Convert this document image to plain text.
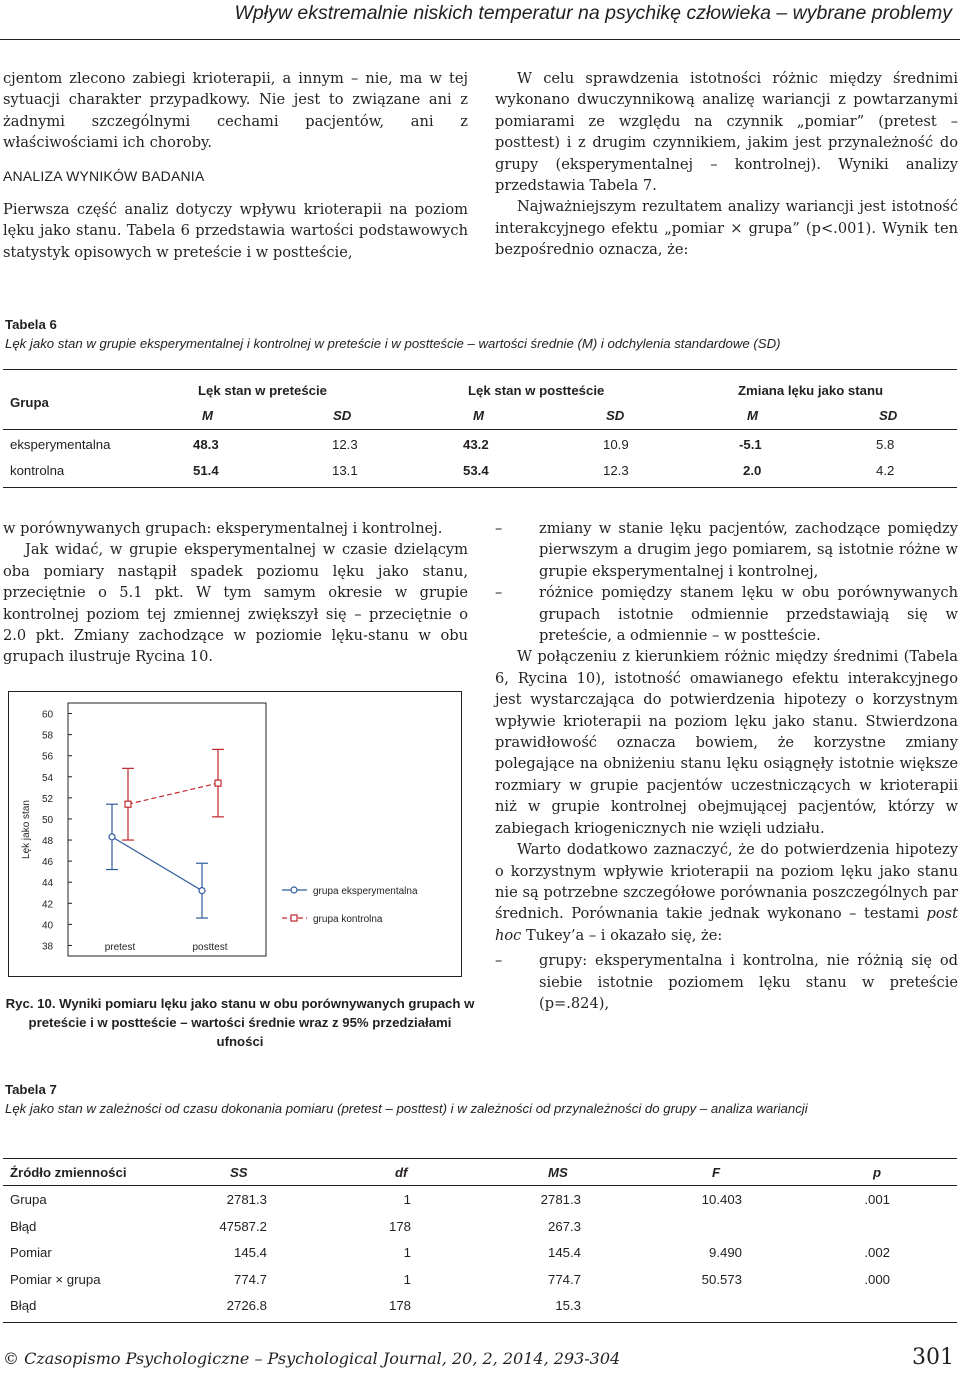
Wpływ ekstremalnie niskich temperatur na psychikę człowieka – wybrane problemy

cjentom zlecono zabiegi krioterapii, a innym – nie, ma w tej sytuacji charakter przypadkowy. Nie jest to związane ani z żadnymi szczególnymi cechami pacjentów, ani z właściwościami ich choroby.

ANALIZA WYNIKÓW BADANIA

Pierwsza część analiz dotyczy wpływu krioterapii na poziom lęku jako stanu. Tabela 6 przedstawia wartości podstawowych statystyk opisowych w preteście i w postteście,

W celu sprawdzenia istotności różnic między średnimi wykonano dwuczynnikową analizę wariancji z powtarzanymi pomiarami ze względu na czynnik „pomiar” (pretest – posttest) i z drugim czynnikiem, jakim jest przynależność do grupy (eksperymentalnej – kontrolnej). Wyniki analizy przedstawia Tabela 7.

Najważniejszym rezultatem analizy wariancji jest istotność interakcyjnego efektu „pomiar × grupa” (p<.001). Wynik ten bezpośrednio oznacza, że:

Tabela 6
Lęk jako stan w grupie eksperymentalnej i kontrolnej w preteście i w postteście – wartości średnie (M) i odchylenia standardowe (SD)
Grupa
Lęk stan w preteście	Lęk stan w postteście	Zmiana lęku jako stanu
M	SD	M	SD	M	SD
eksperymentalna	48.3	12.3	43.2	10.9	-5.1	5.8
kontrolna	51.4	13.1	53.4	12.3	2.0	4.2

w porównywanych grupach: eksperymentalnej i kontrolnej.

Jak widać, w grupie eksperymentalnej w czasie dzielącym oba pomiary nastąpił spadek poziomu lęku jako stanu, przeciętnie o 5.1 pkt. W tym samym okresie w grupie kontrolnej poziom tej zmiennej zwiększył się – przeciętnie o 2.0 pkt. Zmiany zachodzące w poziomie lęku-stanu w obu grupach ilustruje Rycina 10.

38
40
42
44
46
48
50
52
54
56
58
60
Lęk jako stan
pretest	posttest
grupa eksperymentalna
grupa kontrolna
Ryc. 10. Wyniki pomiaru lęku jako stanu w obu porównywanych grupach w preteście i w postteście – wartości średnie wraz z 95% przedziałami ufności
– zmiany w stanie lęku pacjentów, zachodzące pomiędzy pierwszym a drugim jego pomiarem, są istotnie różne w grupie eksperymentalnej i kontrolnej,
– różnice pomiędzy stanem lęku w obu porównywanych grupach istotnie odmiennie przedstawiają się w preteście, a odmiennie – w postteście.

W połączeniu z kierunkiem różnic między średnimi (Tabela 6, Rycina 10), istotność omawianego efektu interakcyjnego jest wystarczająca do potwierdzenia hipotezy o korzystnym wpływie krioterapii na poziom lęku jako stanu. Stwierdzona prawidłowość oznacza bowiem, że korzystne zmiany polegające na obniżeniu stanu lęku osiągnęły istotnie większe rozmiary w grupie pacjentów uczestniczących w krioterapii niż w grupie kontrolnej obejmującej pacjentów, którzy w zabiegach kriogenicznych nie wzięli udziału.

Warto dodatkowo zaznaczyć, że do potwierdzenia hipotezy o korzystnym wpływie krioterapii na poziom lęku jako stanu nie są potrzebne szczegółowe porównania poszczególnych par średnich. Porównania takie jednak wykonano – testami post hoc Tukey’a – i okazało się, że:

– grupy: eksperymentalna i kontrolna, nie różnią się od siebie istotnie poziomem lęku stanu w preteście (p=.824),
Tabela 7
Lęk jako stan w zależności od czasu dokonania pomiaru (pretest – posttest) i w zależności od przynależności do grupy – analiza wariancji
Źródło zmienności	SS	df	MS	F	p
Grupa	2781.3	1	2781.3	10.403	.001
Błąd	47587.2	178	267.3
Pomiar	145.4	1	145.4	9.490	.002
Pomiar × grupa	774.7	1	774.7	50.573	.000
Błąd	2726.8	178	15.3
© Czasopismo Psychologiczne – Psychological Journal, 20, 2, 2014, 293-304	301
